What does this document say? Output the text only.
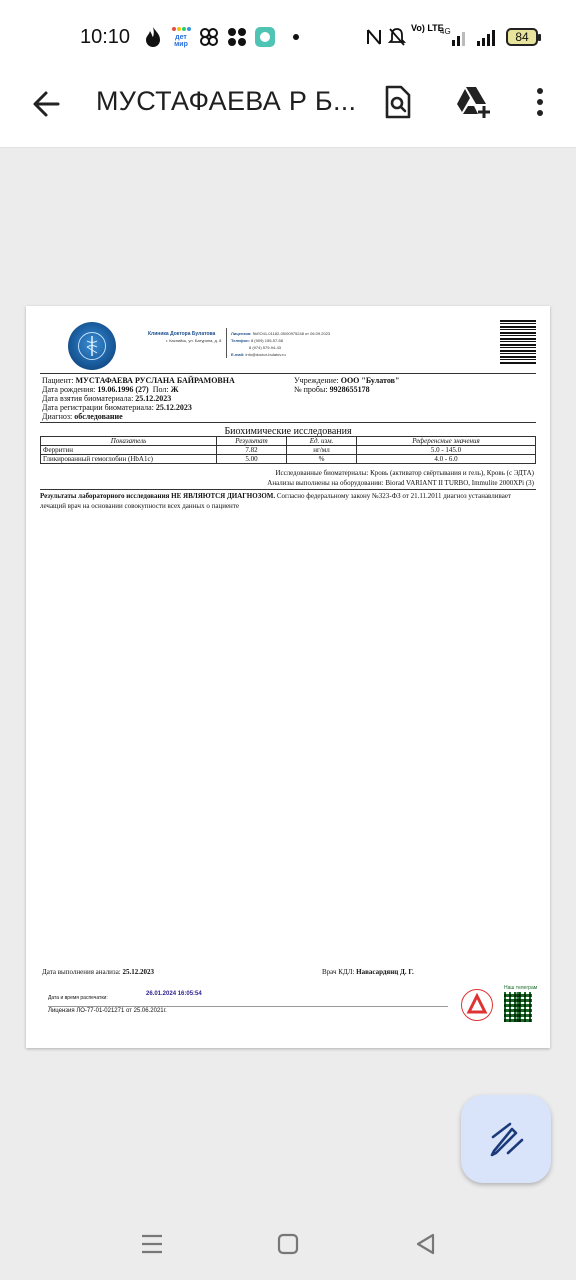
10:10	дет
мир
Vo) LTE
4G	84
МУСТАФАЕВА Р Б...
Клиника Доктора Булатова
г. Каспийск, ул. Батурина, д. 8
Лицензия: №ЛО41-01182-05/00975248 от 06.09.2023
Телефон: 8 (909) 155-57-58
8 (974) 579-94-43
E-mail: info@doctor-bulatov.ru
Пациент: МУСТАФАЕВА РУСЛАНА БАЙРАМОВНА
Дата рождения: 19.06.1996 (27) Пол: Ж
Дата взятия биоматериала: 25.12.2023
Дата регистрации биоматериала: 25.12.2023
Диагноз: обследование
Учреждение: ООО "Булатов"
№ пробы: 9928655178
Биохимические исследования
Показатель	Результат	Ед. изм.	Референсные значения
Ферритин	7.82	нг/мл	5.0 - 145.0
Гликированный гемоглобин (HbA1c)	5.00	%	4.0 - 6.0
Исследованные биоматериалы: Кровь (активатор свёртывания и гель), Кровь (с ЭДТА)
Анализы выполнены на оборудовании: Biorad VARIANT II TURBO, Immulite 2000XPi (3)
Результаты лабораторного исследования НЕ ЯВЛЯЮТСЯ ДИАГНОЗОМ. Согласно федеральному закону №323-ФЗ от 21.11.2011 диагноз устанавливает лечащий врач на основании совокупности всех данных о пациенте
Дата выполнения анализа: 25.12.2023	Врач КДЛ: Навасардянц Д. Г.
Дата и время распечатки:
26.01.2024 16:05:54
Лицензия ЛО-77-01-021271 от 25.06.2021г.
Наш телеграм
